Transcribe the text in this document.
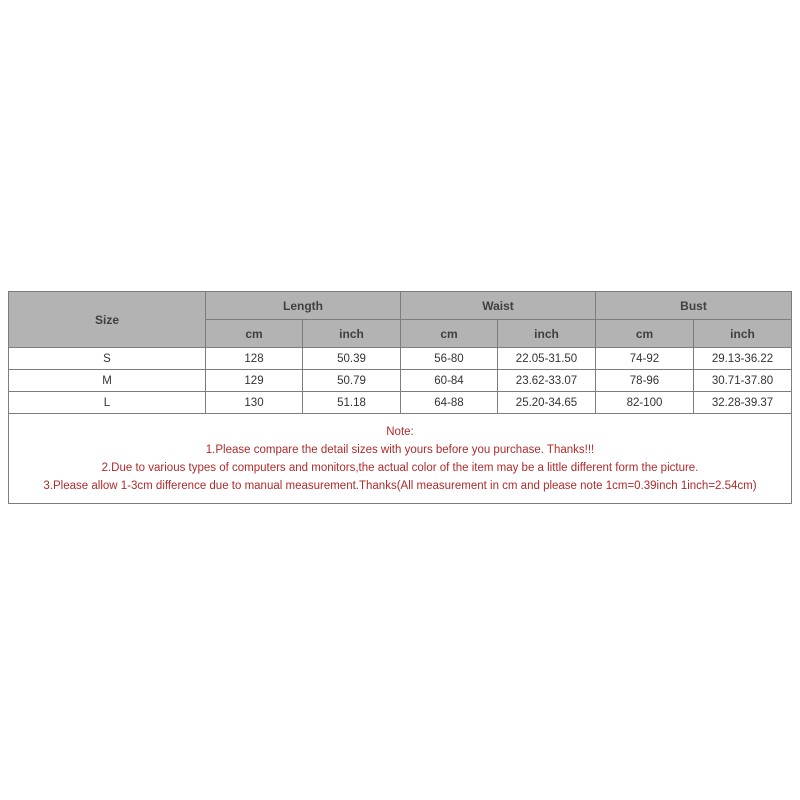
Size	Length		Waist		Bust	
	cm	inch	cm	inch	cm	inch
S	128	50.39	56-80	22.05-31.50	74-92	29.13-36.22
M	129	50.79	60-84	23.62-33.07	78-96	30.71-37.80
L	130	51.18	64-88	25.20-34.65	82-100	32.28-39.37

Note:
1.Please compare the detail sizes with yours before you purchase. Thanks!!!
2.Due to various types of computers and monitors,the actual color of the item may be a little different form the picture.
3.Please allow 1-3cm difference due to manual measurement.Thanks(All measurement in cm and please note 1cm=0.39inch 1inch=2.54cm)						
